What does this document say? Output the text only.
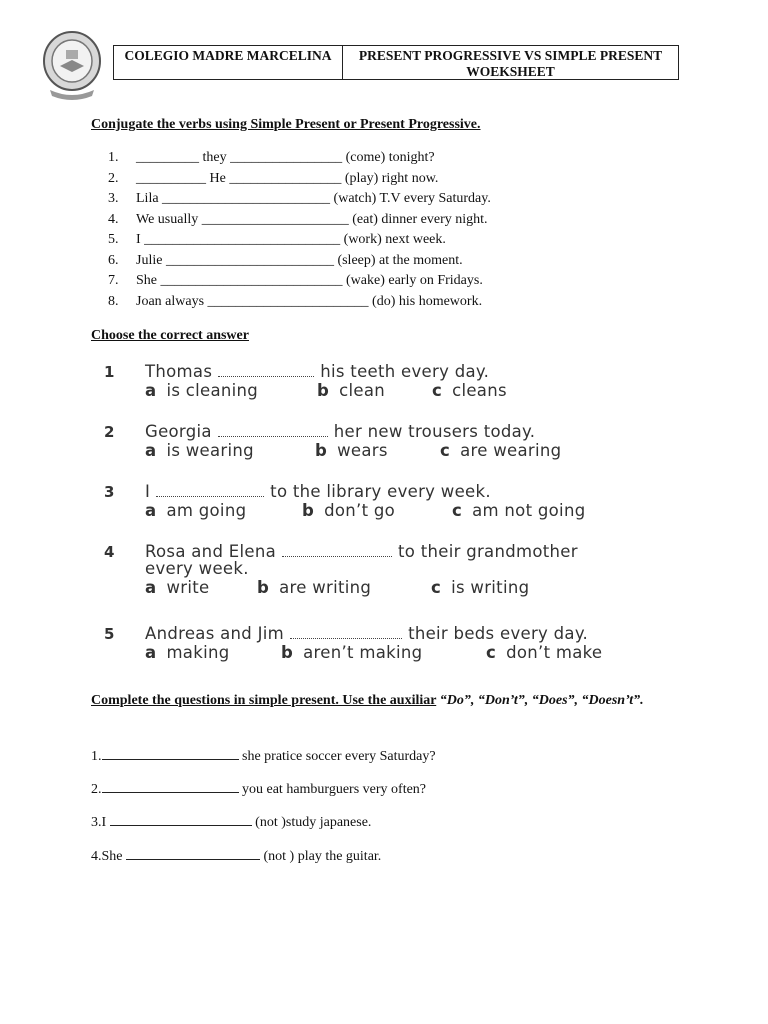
COLEGIO MADRE MARCELINA	PRESENT PROGRESSIVE VS SIMPLE PRESENT
WOEKSHEET
Conjugate the verbs using Simple Present or Present Progressive.
1.	_________ they ________________ (come) tonight?
2.	__________ He ________________ (play) right now.
3.	Lila ________________________ (watch) T.V every Saturday.
4.	We usually _____________________ (eat) dinner every night.
5.	I ____________________________ (work) next week.
6.	Julie ________________________ (sleep) at the moment.
7.	She __________________________ (wake) early on Fridays.
8.	Joan always _______________________ (do) his homework.
Choose the correct answer
1	Thomas	his teeth every day.
a is cleaning	b clean	c cleans
2	Georgia	her new trousers today.
a is wearing	b wears	c are wearing
3	I	to the library every week.
a am going	b don’t go	c am not going
4	Rosa and Elena	to their grandmother
every week.
a write	b are writing	c is writing
5	Andreas and Jim	their beds every day.
a making	b aren’t making	c don’t make
Complete the questions in simple present. Use the auxiliar “Do”, “Don’t”, “Does”, “Doesn’t”.
1.	she pratice soccer every Saturday?
2.	you eat hamburguers very often?
3.I	(not )study japanese.
4.She	(not ) play the guitar.
